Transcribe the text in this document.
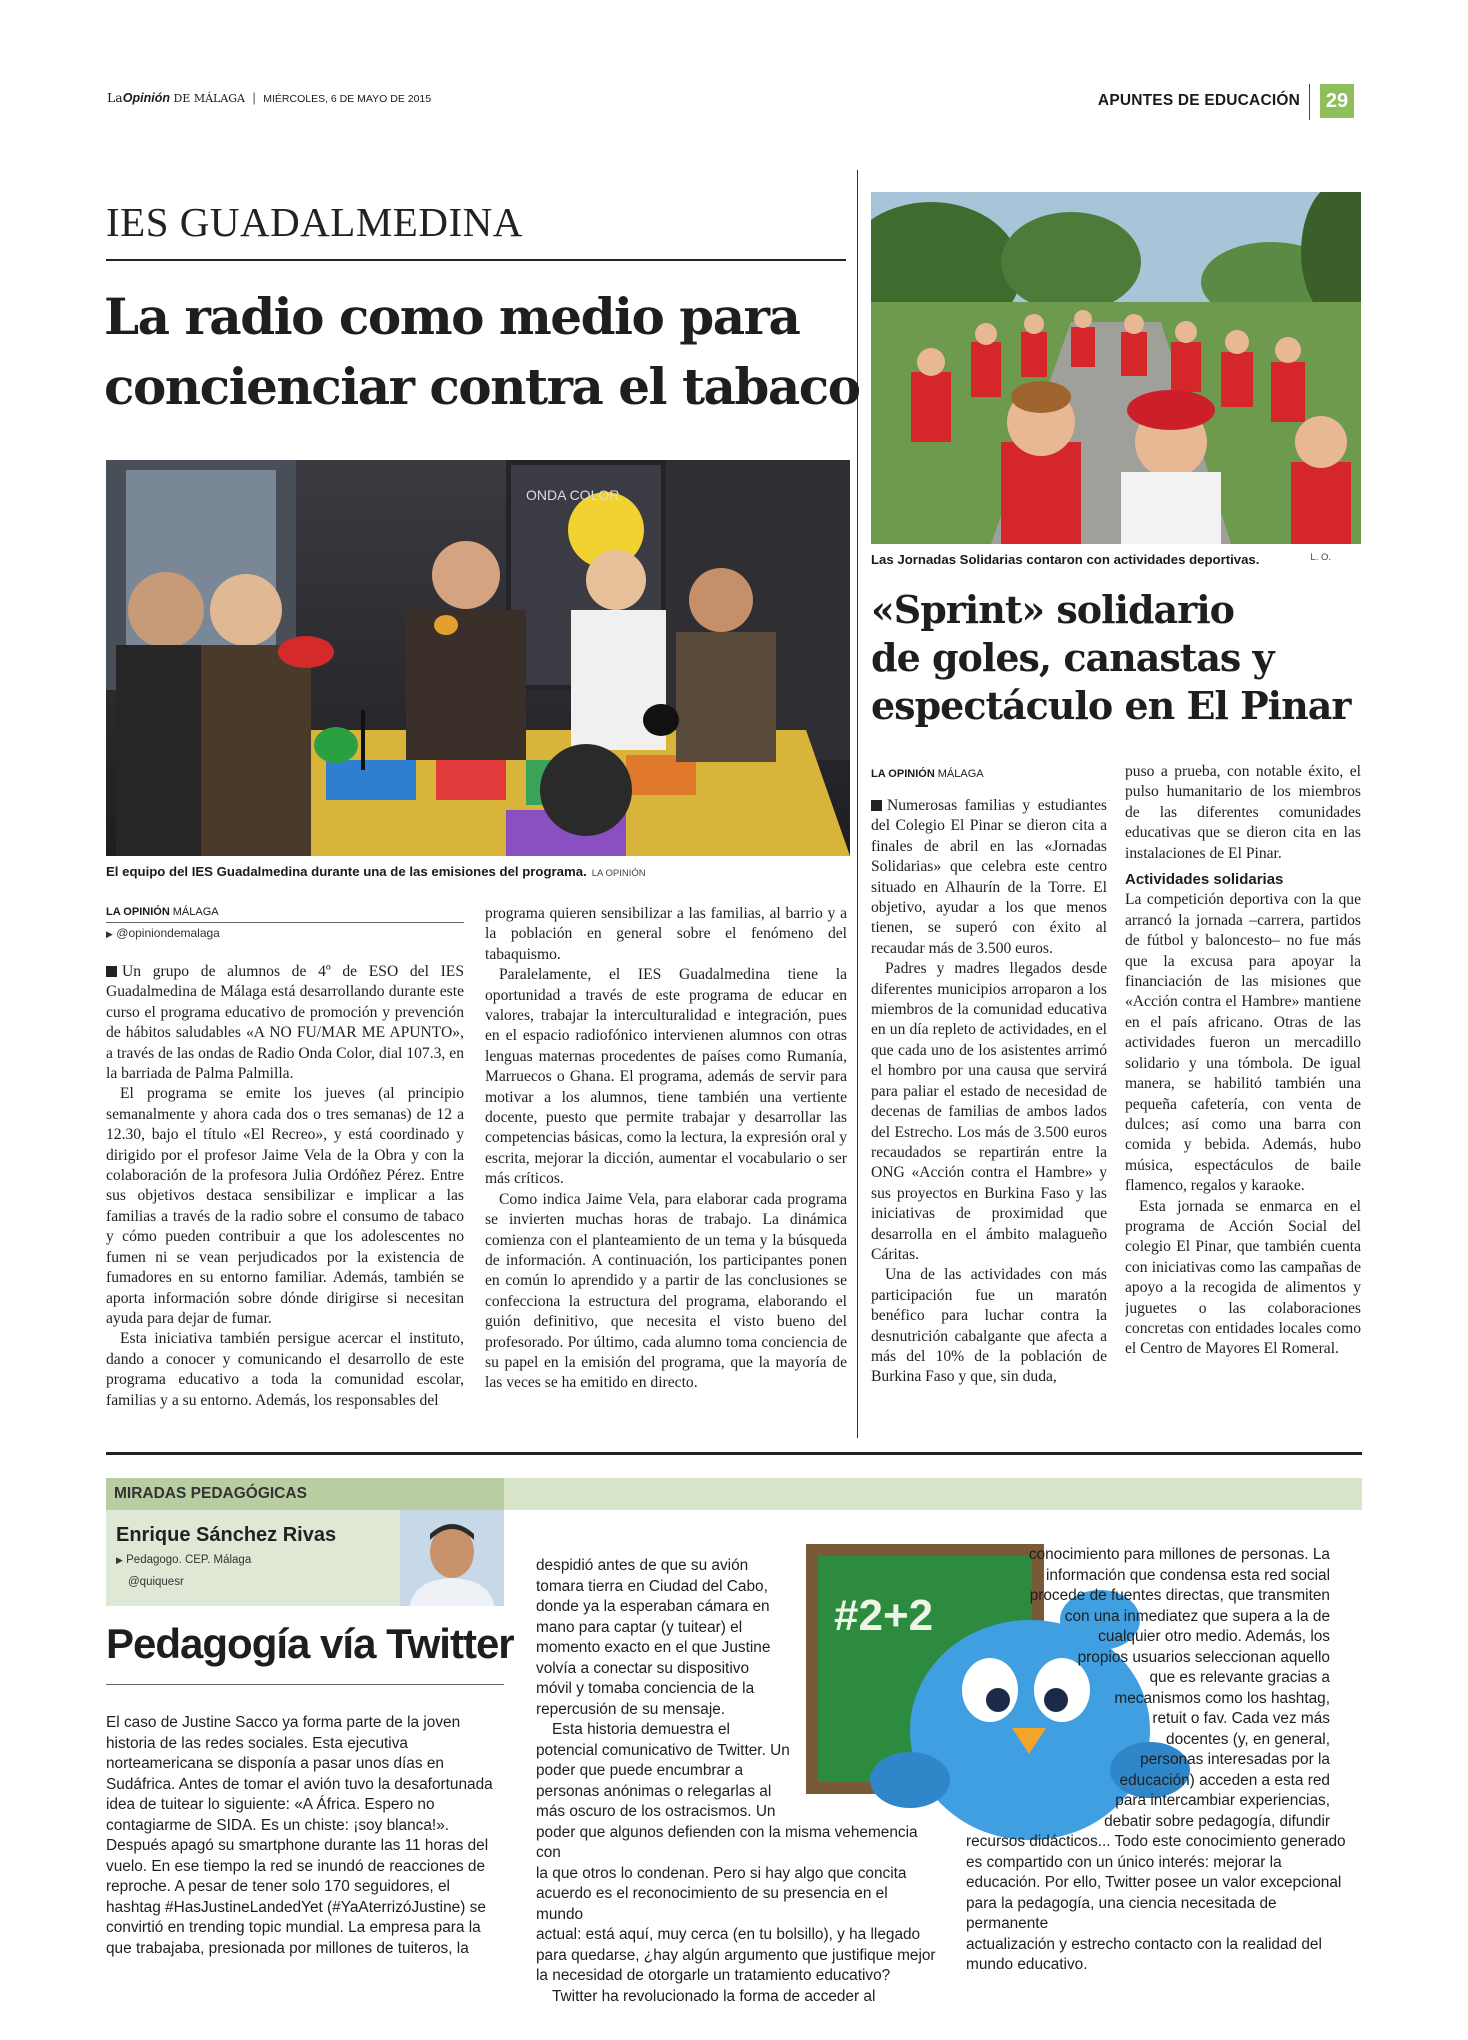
LaOpinión DE MÁLAGA | MIÉRCOLES, 6 DE MAYO DE 2015	APUNTES DE EDUCACIÓN 29
IES GUADALMEDINA
La radio como medio para
concienciar contra el tabaco
ONDA COLOR
El equipo del IES Guadalmedina durante una de las emisiones del programa. LA OPINIÓN
LA OPINIÓN MÁLAGA
▶ @opiniondemalaga

Un grupo de alumnos de 4º de ESO del IES Guadalmedina de Málaga está desarrollando durante este curso el programa educativo de promoción y prevención de hábitos saludables «A NO FU/MAR ME APUNTO», a través de las ondas de Radio Onda Color, dial 107.3, en la barriada de Palma Palmilla.

El programa se emite los jueves (al principio semanalmente y ahora cada dos o tres semanas) de 12 a 12.30, bajo el título «El Recreo», y está coordinado y dirigido por el profesor Jaime Vela de la Obra y con la colaboración de la profesora Julia Ordóñez Pérez. Entre sus objetivos destaca sensibilizar e implicar a las familias a través de la radio sobre el consumo de tabaco y cómo pueden contribuir a que los adolescentes no fumen ni se vean perjudicados por la existencia de fumadores en su entorno familiar. Además, también se aporta información sobre dónde dirigirse si necesitan ayuda para dejar de fumar.

Esta iniciativa también persigue acercar el instituto, dando a conocer y comunicando el desarrollo de este programa educativo a toda la comunidad escolar, familias y a su entorno. Además, los responsables del

programa quieren sensibilizar a las familias, al barrio y a la población en general sobre el fenómeno del tabaquismo.

Paralelamente, el IES Guadalmedina tiene la oportunidad a través de este programa de educar en valores, trabajar la interculturalidad e integración, pues en el espacio radiofónico intervienen alumnos con otras lenguas maternas procedentes de países como Rumanía, Marruecos o Ghana. El programa, además de servir para motivar a los alumnos, tiene también una vertiente docente, puesto que permite trabajar y desarrollar las competencias básicas, como la lectura, la expresión oral y escrita, mejorar la dicción, aumentar el vocabulario o ser más críticos.

Como indica Jaime Vela, para elaborar cada programa se invierten muchas horas de trabajo. La dinámica comienza con el planteamiento de un tema y la búsqueda de información. A continuación, los participantes ponen en común lo aprendido y a partir de las conclusiones se confecciona la estructura del programa, elaborando el guión definitivo, que necesita el visto bueno del profesorado. Por último, cada alumno toma conciencia de su papel en la emisión del programa, que la mayoría de las veces se ha emitido en directo.

Las Jornadas Solidarias contaron con actividades deportivas.	L. O.
«Sprint» solidario
de goles, canastas y
espectáculo en El Pinar
LA OPINIÓN MÁLAGA

Numerosas familias y estudiantes del Colegio El Pinar se dieron cita a finales de abril en las «Jornadas Solidarias» que celebra este centro situado en Alhaurín de la Torre. El objetivo, ayudar a los que menos tienen, se superó con éxito al recaudar más de 3.500 euros.

Padres y madres llegados desde diferentes municipios arroparon a los miembros de la comunidad educativa en un día repleto de actividades, en el que cada uno de los asistentes arrimó el hombro por una causa que servirá para paliar el estado de necesidad de decenas de familias de ambos lados del Estrecho. Los más de 3.500 euros recaudados se repartirán entre la ONG «Acción contra el Hambre» y sus proyectos en Burkina Faso y las iniciativas de proximidad que desarrolla en el ámbito malagueño Cáritas.

Una de las actividades con más participación fue un maratón benéfico para luchar contra la desnutrición cabalgante que afecta a más del 10% de la población de Burkina Faso y que, sin duda,

puso a prueba, con notable éxito, el pulso humanitario de los miembros de las diferentes comunidades educativas que se dieron cita en las instalaciones de El Pinar.

Actividades solidarias

La competición deportiva con la que arrancó la jornada –carrera, partidos de fútbol y baloncesto– no fue más que la excusa para apoyar la financiación de las misiones que «Acción contra el Hambre» mantiene en el país africano. Otras de las actividades fueron un mercadillo solidario y una tómbola. De igual manera, se habilitó también una pequeña cafetería, con venta de dulces; así como una barra con comida y bebida. Además, hubo música, espectáculos de baile flamenco, regalos y karaoke.

Esta jornada se enmarca en el programa de Acción Social del colegio El Pinar, que también cuenta con iniciativas como las campañas de apoyo a la recogida de alimentos y juguetes o las colaboraciones concretas con entidades locales como el Centro de Mayores El Romeral.

MIRADAS PEDAGÓGICAS
Enrique Sánchez Rivas
▶ Pedagogo. CEP. Málaga
@quiquesr
Pedagogía vía Twitter

El caso de Justine Sacco ya forma parte de la joven historia de las redes sociales. Esta ejecutiva norteamericana se disponía a pasar unos días en Sudáfrica. Antes de tomar el avión tuvo la desafortunada idea de tuitear lo siguiente: «A África. Espero no contagiarme de SIDA. Es un chiste: ¡soy blanca!». Después apagó su smartphone durante las 11 horas del vuelo. En ese tiempo la red se inundó de reacciones de reproche. A pesar de tener solo 170 seguidores, el hashtag #HasJustineLandedYet (#YaAterrizóJustine) se convirtió en trending topic mundial. La empresa para la que trabajaba, presionada por millones de tuiteros, la

#2+2

despidió antes de que su avión

tomara tierra en Ciudad del Cabo,

donde ya la esperaban cámara en

mano para captar (y tuitear) el

momento exacto en el que Justine

volvía a conectar su dispositivo

móvil y tomaba conciencia de la

repercusión de su mensaje.

Esta historia demuestra el

potencial comunicativo de Twitter. Un

poder que puede encumbrar a

personas anónimas o relegarlas al

más oscuro de los ostracismos. Un

poder que algunos defienden con la misma vehemencia con

la que otros lo condenan. Pero si hay algo que concita

acuerdo es el reconocimiento de su presencia en el mundo

actual: está aquí, muy cerca (en tu bolsillo), y ha llegado

para quedarse, ¿hay algún argumento que justifique mejor

la necesidad de otorgarle un tratamiento educativo?

Twitter ha revolucionado la forma de acceder al

conocimiento para millones de personas. La

información que condensa esta red social

procede de fuentes directas, que transmiten

con una inmediatez que supera a la de

cualquier otro medio. Además, los

propios usuarios seleccionan aquello

que es relevante gracias a

mecanismos como los hashtag,

retuit o fav. Cada vez más

docentes (y, en general,

personas interesadas por la

educación) acceden a esta red

para intercambiar experiencias,

debatir sobre pedagogía, difundir

recursos didácticos... Todo este conocimiento generado

es compartido con un único interés: mejorar la

educación. Por ello, Twitter posee un valor excepcional

para la pedagogía, una ciencia necesitada de permanente

actualización y estrecho contacto con la realidad del

mundo educativo.
